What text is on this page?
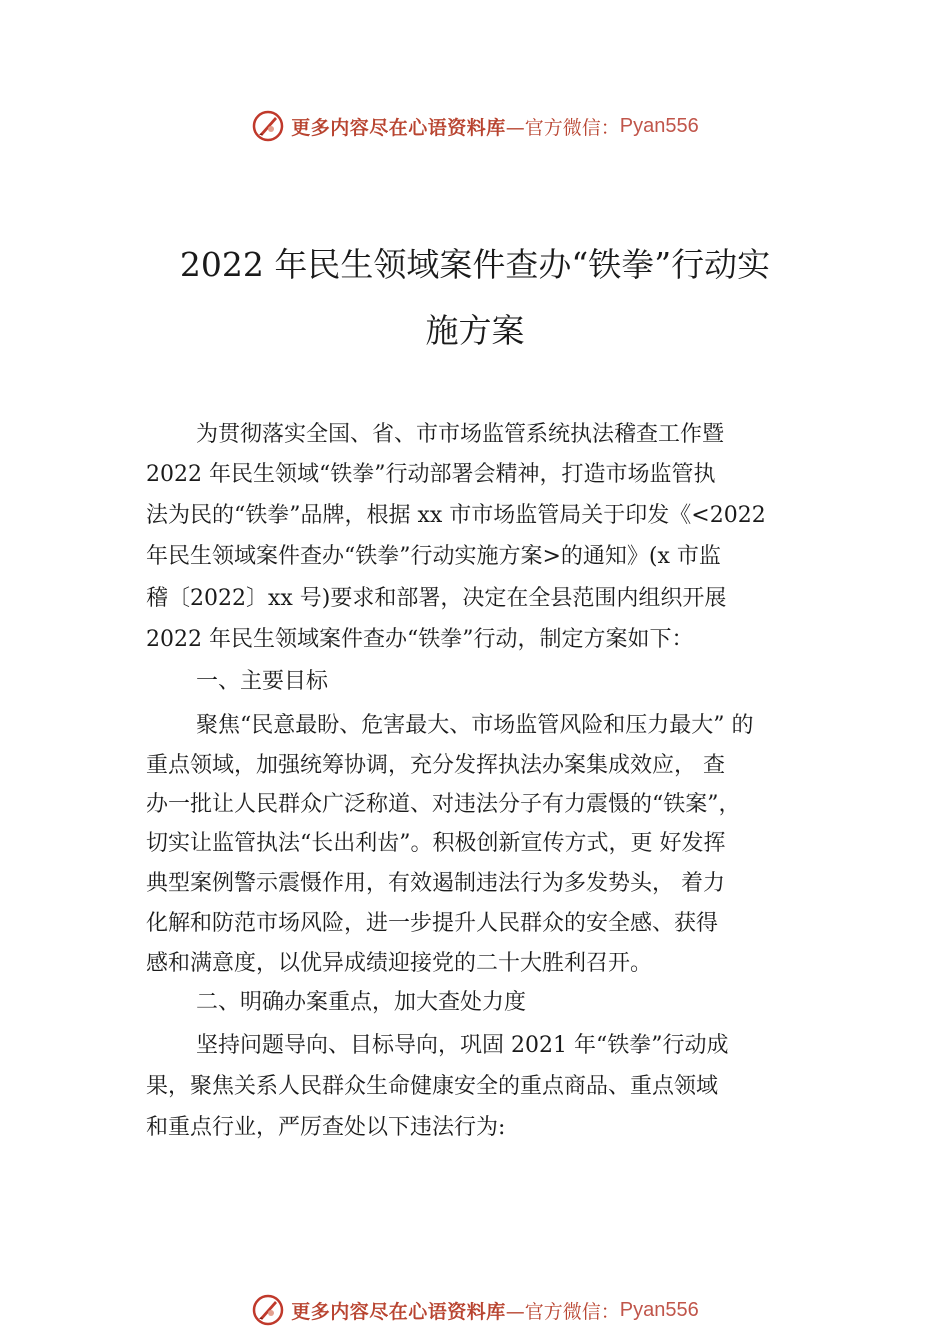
更多内容尽在心语资料库 —官方微信： Pyan556
2022 年民生领域案件查办“铁拳”行动实
施方案
为贯彻落实全国、省、市市场监管系统执法稽查工作暨
2022 年民生领域“铁拳”行动部署会精神，打造市场监管执
法为民的“铁拳”品牌，根据 xx 市市场监管局关于印发《<2022
年民生领域案件查办“铁拳”行动实施方案>的通知》(x 市监
稽〔2022〕xx 号)要求和部署，决定在全县范围内组织开展
2022 年民生领域案件查办“铁拳”行动，制定方案如下：
一、主要目标
聚焦“民意最盼、危害最大、市场监管风险和压力最大” 的
重点领域，加强统筹协调，充分发挥执法办案集成效应， 查
办一批让人民群众广泛称道、对违法分子有力震慑的“铁案”，
切实让监管执法“长出利齿”。积极创新宣传方式，更 好发挥
典型案例警示震慑作用，有效遏制违法行为多发势头， 着力
化解和防范市场风险，进一步提升人民群众的安全感、获得
感和满意度，以优异成绩迎接党的二十大胜利召开。
二、明确办案重点，加大查处力度
坚持问题导向、目标导向，巩固 2021 年“铁拳”行动成
果，聚焦关系人民群众生命健康安全的重点商品、重点领域
和重点行业，严厉查处以下违法行为:
更多内容尽在心语资料库 —官方微信： Pyan556
